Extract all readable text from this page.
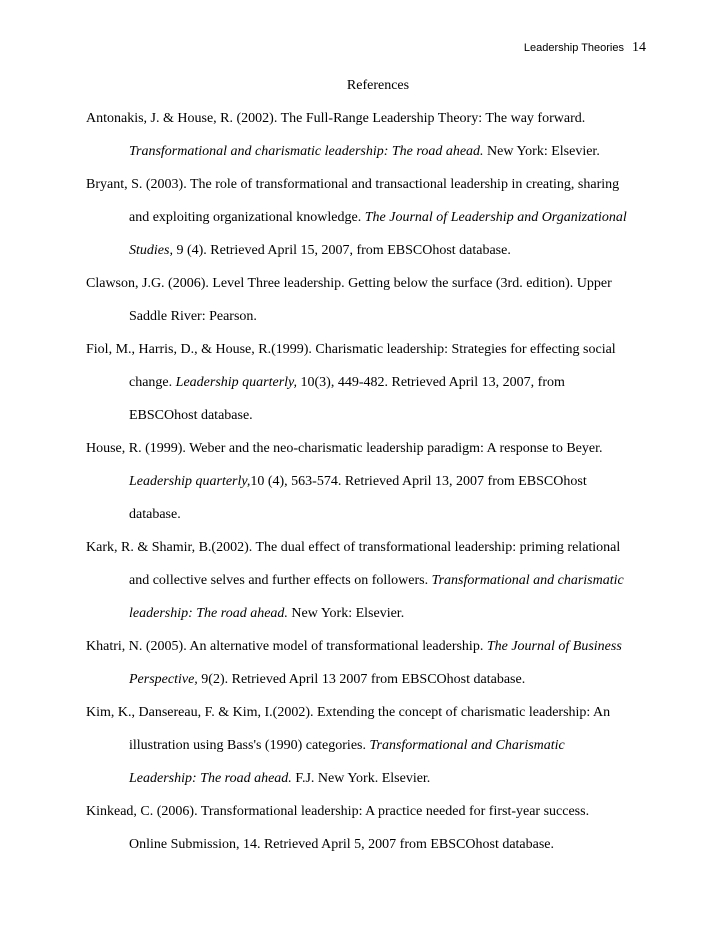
Leadership Theories 14
References
Antonakis, J. & House, R. (2002). The Full-Range Leadership Theory: The way forward.
Transformational and charismatic leadership: The road ahead. New York: Elsevier.
Bryant, S. (2003). The role of transformational and transactional leadership in creating, sharing
and exploiting organizational knowledge. The Journal of Leadership and Organizational
Studies, 9 (4). Retrieved April 15, 2007, from EBSCOhost database.
Clawson, J.G. (2006). Level Three leadership. Getting below the surface (3rd. edition). Upper
Saddle River: Pearson.
Fiol, M., Harris, D., & House, R.(1999). Charismatic leadership: Strategies for effecting social
change. Leadership quarterly, 10(3), 449-482. Retrieved April 13, 2007, from
EBSCOhost database.
House, R. (1999). Weber and the neo-charismatic leadership paradigm: A response to Beyer.
Leadership quarterly,10 (4), 563-574. Retrieved April 13, 2007 from EBSCOhost
database.
Kark, R. & Shamir, B.(2002). The dual effect of transformational leadership: priming relational
and collective selves and further effects on followers. Transformational and charismatic
leadership: The road ahead. New York: Elsevier.
Khatri, N. (2005). An alternative model of transformational leadership. The Journal of Business
Perspective, 9(2). Retrieved April 13 2007 from EBSCOhost database.
Kim, K., Dansereau, F. & Kim, I.(2002). Extending the concept of charismatic leadership: An
illustration using Bass's (1990) categories. Transformational and Charismatic
Leadership: The road ahead. F.J. New York. Elsevier.
Kinkead, C. (2006). Transformational leadership: A practice needed for first-year success.
Online Submission, 14. Retrieved April 5, 2007 from EBSCOhost database.
